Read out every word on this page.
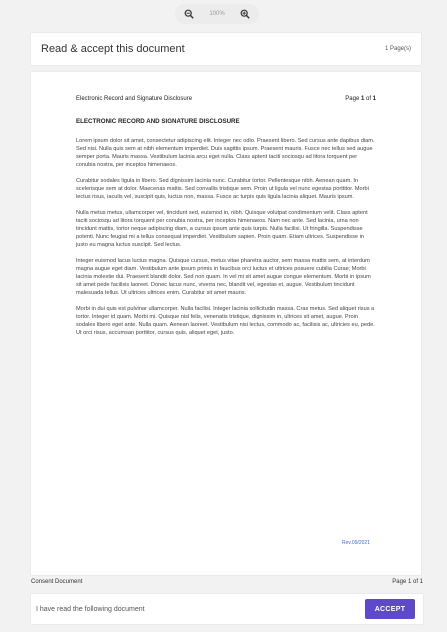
100%
Read & accept this document	1 Page(s)
Electronic Record and Signature Disclosure	Page 1 of 1
ELECTRONIC RECORD AND SIGNATURE DISCLOSURE

Lorem ipsum dolor sit amet, consectetur adipiscing elit. Integer nec odio. Praesent libero. Sed cursus ante dapibus diam. Sed nisi. Nulla quis sem at nibh elementum imperdiet. Duis sagittis ipsum. Praesent mauris. Fusce nec tellus sed augue semper porta. Mauris massa. Vestibulum lacinia arcu eget nulla. Class aptent taciti sociosqu ad litora torquent per conubia nostra, per inceptos himenaeos.

Curabitur sodales ligula in libero. Sed dignissim lacinia nunc. Curabitur tortor. Pellentesque nibh. Aenean quam. In scelerisque sem at dolor. Maecenas mattis. Sed convallis tristique sem. Proin ut ligula vel nunc egestas porttitor. Morbi lectus risus, iaculis vel, suscipit quis, luctus non, massa. Fusce ac turpis quis ligula lacinia aliquet. Mauris ipsum.

Nulla metus metus, ullamcorper vel, tincidunt sed, euismod in, nibh. Quisque volutpat condimentum velit. Class aptent taciti sociosqu ad litora torquent per conubia nostra, per inceptos himenaeos. Nam nec ante. Sed lacinia, urna non tincidunt mattis, tortor neque adipiscing diam, a cursus ipsum ante quis turpis. Nulla facilisi. Ut fringilla. Suspendisse potenti. Nunc feugiat mi a tellus consequat imperdiet. Vestibulum sapien. Proin quam. Etiam ultrices. Suspendisse in justo eu magna luctus suscipit. Sed lectus.

Integer euismod lacus luctus magna. Quisque cursus, metus vitae pharetra auctor, sem massa mattis sem, at interdum magna augue eget diam. Vestibulum ante ipsum primis in faucibus orci luctus et ultrices posuere cubilia Curae; Morbi lacinia molestie dui. Praesent blandit dolor. Sed non quam. In vel mi sit amet augue congue elementum. Morbi in ipsum sit amet pede facilisis laoreet. Donec lacus nunc, viverra nec, blandit vel, egestas et, augue. Vestibulum tincidunt malesuada tellus. Ut ultrices ultrices enim. Curabitur sit amet mauris.

Morbi in dui quis est pulvinar ullamcorper. Nulla facilisi. Integer lacinia sollicitudin massa. Cras metus. Sed aliquet risus a tortor. Integer id quam. Morbi mi. Quisque nisl felis, venenatis tristique, dignissim in, ultrices sit amet, augue. Proin sodales libero eget ante. Nulla quam. Aenean laoreet. Vestibulum nisi lectus, commodo ac, facilisis ac, ultricies eu, pede. Ut orci risus, accumsan porttitor, cursus quis, aliquet eget, justo.

Rev.09/2021
Consent Document	Page 1 of 1
I have read the following document	ACCEPT
